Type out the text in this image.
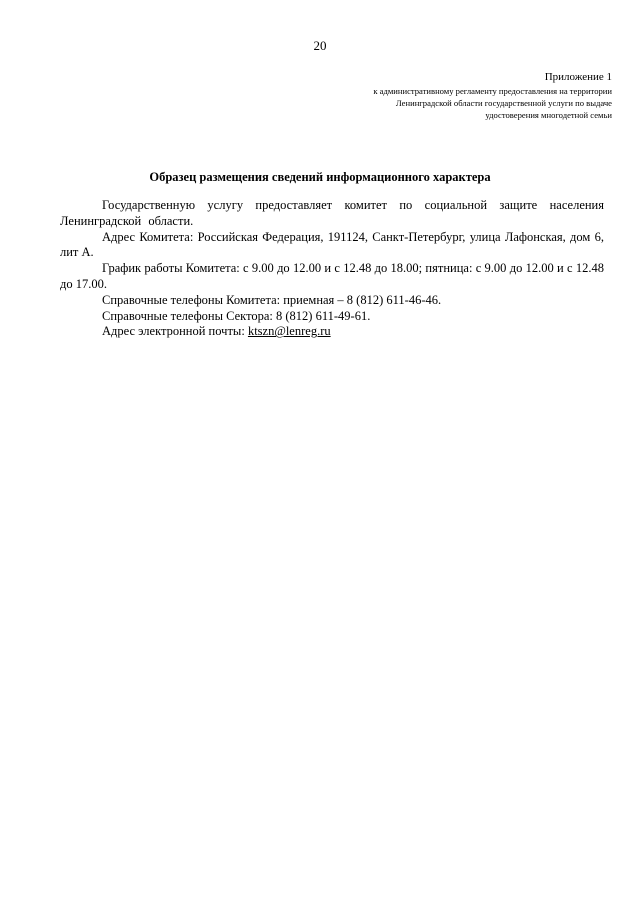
20
Приложение 1
к административному регламенту предоставления на территории
Ленинградской области государственной услуги по выдаче
удостоверения многодетной семьи
Образец размещения сведений информационного характера

Государственную услугу предоставляет комитет по социальной защите населения Ленинградской области.

Адрес Комитета: Российская Федерация, 191124, Санкт-Петербург, улица Лафонская, дом 6, лит А.

График работы Комитета: с 9.00 до 12.00 и с 12.48 до 18.00; пятница: с 9.00 до 12.00 и с 12.48 до 17.00.

Справочные телефоны Комитета: приемная – 8 (812) 611-46-46.

Справочные телефоны Сектора: 8 (812) 611-49-61.

Адрес электронной почты: ktszn@lenreg.ru
